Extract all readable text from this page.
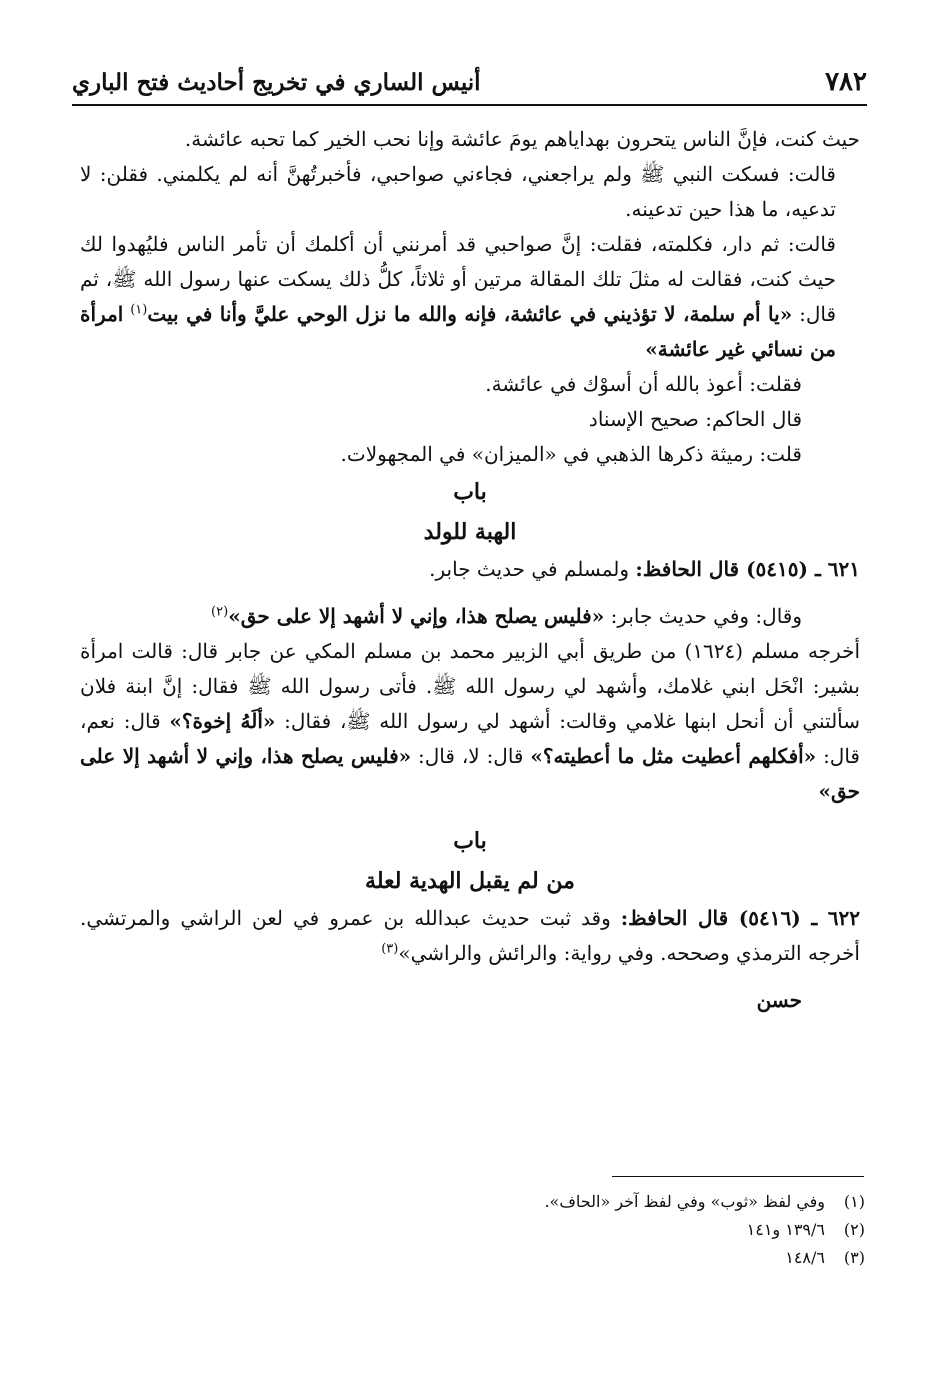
٧٨٢
أنيس الساري في تخريج أحاديث فتح الباري

حيث كنت، فإنَّ الناس يتحرون بهداياهم يومَ عائشة وإنا نحب الخير كما تحبه عائشة.

قالت: فسكت النبي ﷺ ولم يراجعني، فجاءني صواحبي، فأخبرتُهنَّ أنه لم يكلمني. فقلن: لا تدعيه، ما هذا حين تدعينه.

قالت: ثم دار، فكلمته، فقلت: إنَّ صواحبي قد أمرنني أن أكلمك أن تأمر الناس فليُهدوا لك حيث كنت، فقالت له مثلَ تلك المقالة مرتين أو ثلاثاً، كلُّ ذلك يسكت عنها رسول الله ﷺ، ثم قال: «يا أم سلمة، لا تؤذيني في عائشة، فإنه والله ما نزل الوحي عليَّ وأنا في بيت$^{(١)}$ امرأة من نسائي غير عائشة»

فقلت: أعوذ بالله أن أسوْك في عائشة.

قال الحاكم: صحيح الإسناد

قلت: رميثة ذكرها الذهبي في «الميزان» في المجهولات.

باب

الهبة للولد

٦٢١ ـ (٥٤١٥) قال الحافظ: ولمسلم في حديث جابر.

وقال: وفي حديث جابر: «فليس يصلح هذا، وإني لا أشهد إلا على حق»$^{(٢)}$

أخرجه مسلم (١٦٢٤) من طريق أبي الزبير محمد بن مسلم المكي عن جابر قال: قالت امرأة بشير: انْحَل ابني غلامك، وأشهد لي رسول الله ﷺ. فأتى رسول الله ﷺ فقال: إنَّ ابنة فلان سألتني أن أنحل ابنها غلامي وقالت: أشهد لي رسول الله ﷺ، فقال: «ألَهُ إخوة؟» قال: نعم، قال: «أفكلهم أعطيت مثل ما أعطيته؟» قال: لا، قال: «فليس يصلح هذا، وإني لا أشهد إلا على حق»

باب

من لم يقبل الهدية لعلة

٦٢٢ ـ (٥٤١٦) قال الحافظ: وقد ثبت حديث عبدالله بن عمرو في لعن الراشي والمرتشي. أخرجه الترمذي وصححه. وفي رواية: والرائش والراشي»$^{(٣)}$

حسن

(١)وفي لفظ «ثوب» وفي لفظ آخر «الحاف».

(٢)١٣٩/٦ و١٤١

(٣)١٤٨/٦
